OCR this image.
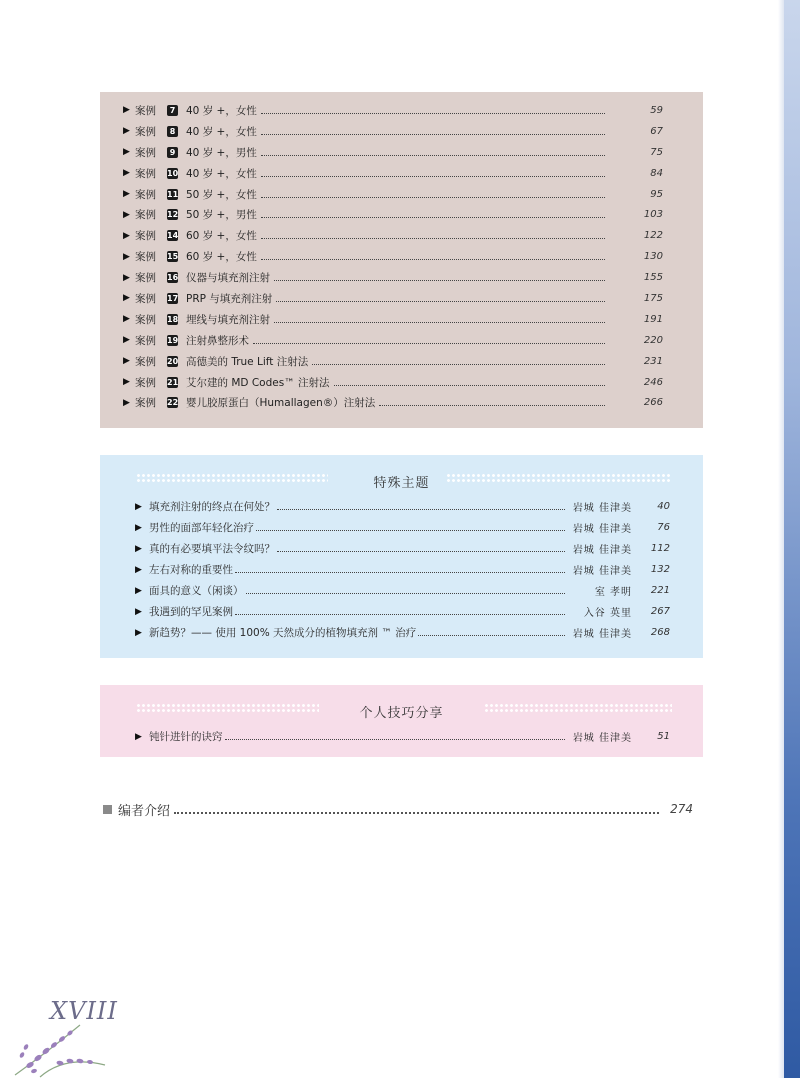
▶ 案例	7 40 岁 +，女性	59
▶ 案例	8 40 岁 +，女性	67
▶ 案例	9 40 岁 +，男性	75
▶ 案例	10 40 岁 +，女性	84
▶ 案例	11 50 岁 +，女性	95
▶ 案例	12 50 岁 +，男性	103
▶ 案例	14 60 岁 +，女性	122
▶ 案例	15 60 岁 +，女性	130
▶ 案例	16 仪器与填充剂注射	155
▶ 案例	17 PRP 与填充剂注射	175
▶ 案例	18 埋线与填充剂注射	191
▶ 案例	19 注射鼻整形术	220
▶ 案例	20 高德美的 True Lift 注射法	231
▶ 案例	21 艾尔建的 MD Codes™ 注射法	246
▶ 案例	22 婴儿胶原蛋白（Humallagen®）注射法	266
特殊主题
▶ 填充剂注射的终点在何处？	岩城 佳津美	40
▶ 男性的面部年轻化治疗	岩城 佳津美	76
▶ 真的有必要填平法令纹吗？	岩城 佳津美	112
▶ 左右对称的重要性	岩城 佳津美	132
▶ 面具的意义（闲谈）	室 孝明	221
▶ 我遇到的罕见案例	入谷 英里	267
▶ 新趋势？—— 使用 100% 天然成分的植物填充剂 ™ 治疗	岩城 佳津美	268
个人技巧分享
▶ 钝针进针的诀窍	岩城 佳津美	51
编者介绍	274
XVIII
